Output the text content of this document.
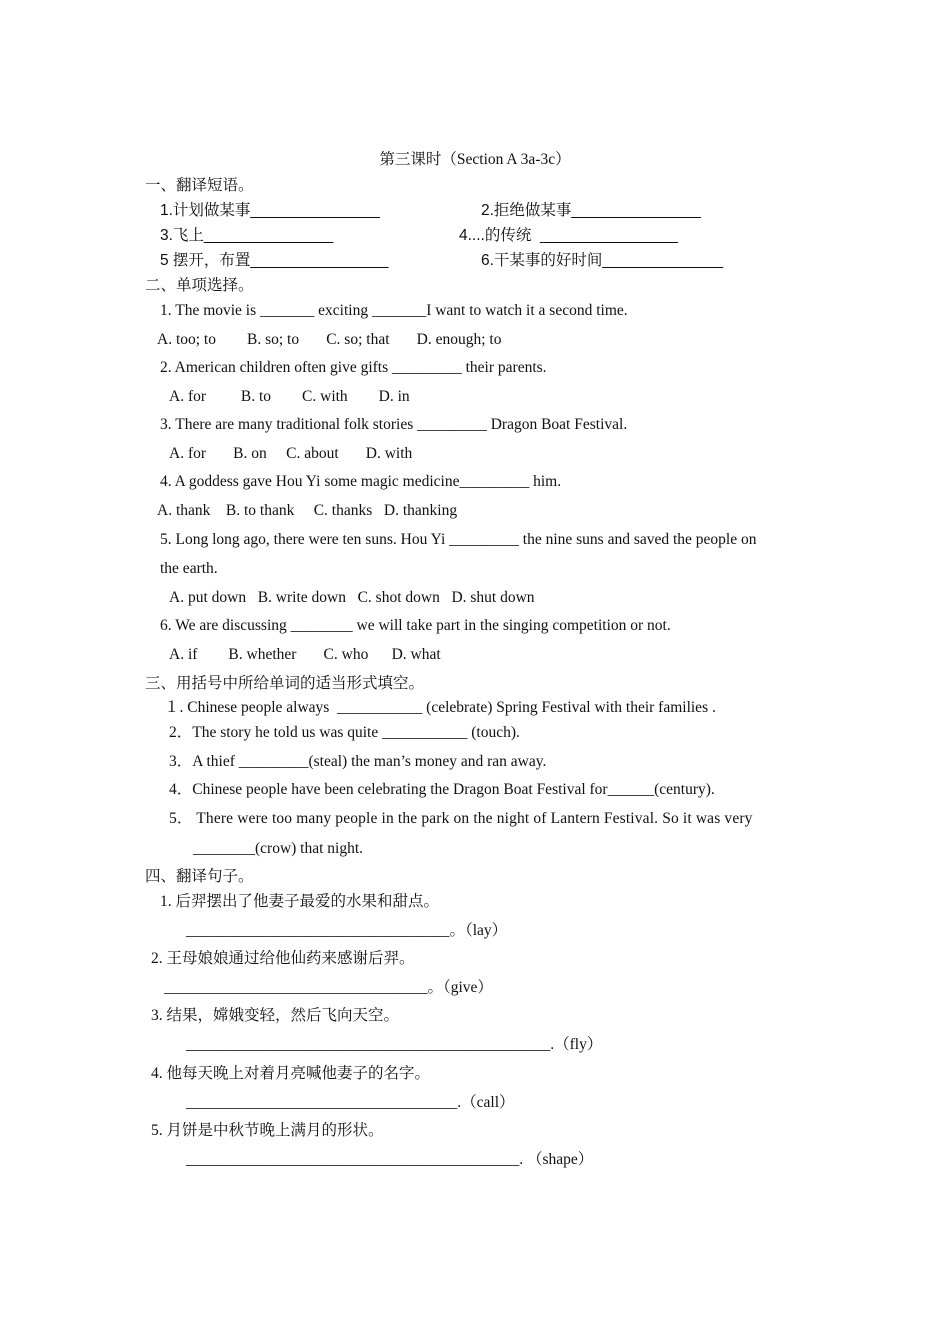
第三课时（Section A 3a-3c）
一、翻译短语。
1.计划做某事_______________	2.拒绝做某事_______________
3.飞上_______________	4....的传统  ________________
5 摆开，布置________________	6.干某事的好时间______________
二、单项选择。
1. The movie is _______ exciting _______I want to watch it a second time.
A. too; to        B. so; to       C. so; that       D. enough; to
2. American children often give gifts _________ their parents.
A. for         B. to        C. with        D. in
3. There are many traditional folk stories _________ Dragon Boat Festival.
A. for       B. on     C. about       D. with
4. A goddess gave Hou Yi some magic medicine_________ him.
A. thank    B. to thank     C. thanks   D. thanking
5. Long long ago, there were ten suns. Hou Yi _________ the nine suns and saved the people on
the earth.
A. put down   B. write down   C. shot down   D. shut down
6. We are discussing ________ we will take part in the singing competition or not.
A. if        B. whether       C. who      D. what
三、用括号中所给单词的适当形式填空。
１. Chinese people always  ___________ (celebrate) Spring Festival with their families .
2．The story he told us was quite ___________ (touch).
3．A thief _________(steal) the man’s money and ran away.
4．Chinese people have been celebrating the Dragon Boat Festival for______(century).
5． There were too many people in the park on the night of Lantern Festival. So it was very
________(crow) that night.
四、翻译句子。
1. 后羿摆出了他妻子最爱的水果和甜点。
__________________________________。（lay）
2. 王母娘娘通过给他仙药来感谢后羿。
__________________________________。（give）
3. 结果，嫦娥变轻，然后飞向天空。
_______________________________________________.（fly）
4. 他每天晚上对着月亮喊他妻子的名字。
___________________________________.（call）
5. 月饼是中秋节晚上满月的形状。
___________________________________________. （shape）
